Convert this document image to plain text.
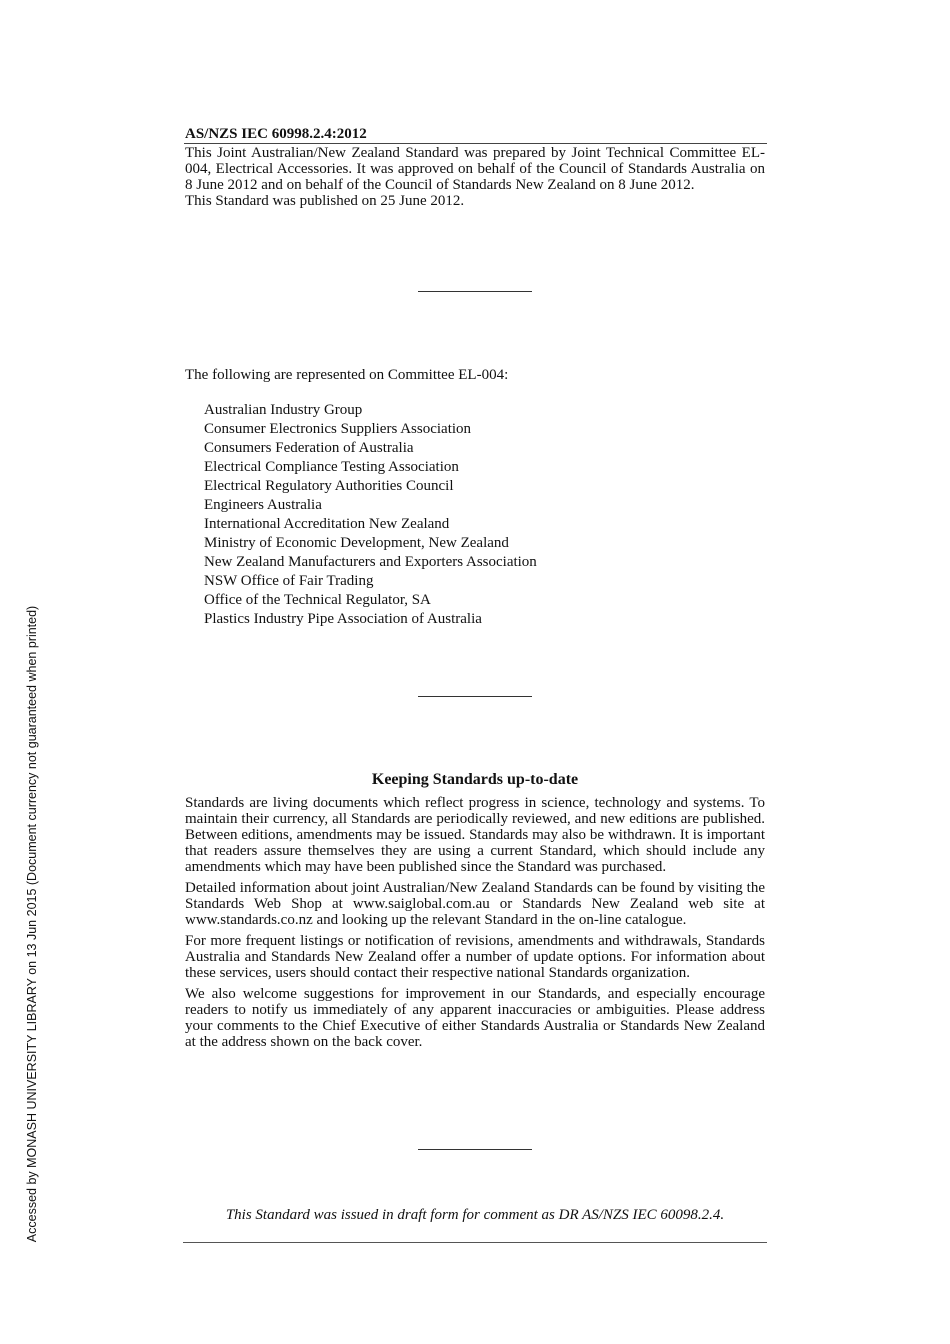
AS/NZS IEC 60998.2.4:2012

This Joint Australian/New Zealand Standard was prepared by Joint Technical Committee EL-004, Electrical Accessories. It was approved on behalf of the Council of Standards Australia on 8 June 2012 and on behalf of the Council of Standards New Zealand on 8 June 2012.

This Standard was published on 25 June 2012.

The following are represented on Committee EL-004:
Australian Industry Group
Consumer Electronics Suppliers Association
Consumers Federation of Australia
Electrical Compliance Testing Association
Electrical Regulatory Authorities Council
Engineers Australia
International Accreditation New Zealand
Ministry of Economic Development, New Zealand
New Zealand Manufacturers and Exporters Association
NSW Office of Fair Trading
Office of the Technical Regulator, SA
Plastics Industry Pipe Association of Australia
Keeping Standards up-to-date

Standards are living documents which reflect progress in science, technology and systems. To maintain their currency, all Standards are periodically reviewed, and new editions are published. Between editions, amendments may be issued. Standards may also be withdrawn. It is important that readers assure themselves they are using a current Standard, which should include any amendments which may have been published since the Standard was purchased.

Detailed information about joint Australian/New Zealand Standards can be found by visiting the Standards Web Shop at www.saiglobal.com.au or Standards New Zealand web site at www.standards.co.nz and looking up the relevant Standard in the on-line catalogue.

For more frequent listings or notification of revisions, amendments and withdrawals, Standards Australia and Standards New Zealand offer a number of update options. For information about these services, users should contact their respective national Standards organization.

We also welcome suggestions for improvement in our Standards, and especially encourage readers to notify us immediately of any apparent inaccuracies or ambiguities. Please address your comments to the Chief Executive of either Standards Australia or Standards New Zealand at the address shown on the back cover.

This Standard was issued in draft form for comment as DR AS/NZS IEC 60098.2.4.
Accessed by MONASH UNIVERSITY LIBRARY on 13 Jun 2015 (Document currency not guaranteed when printed)
